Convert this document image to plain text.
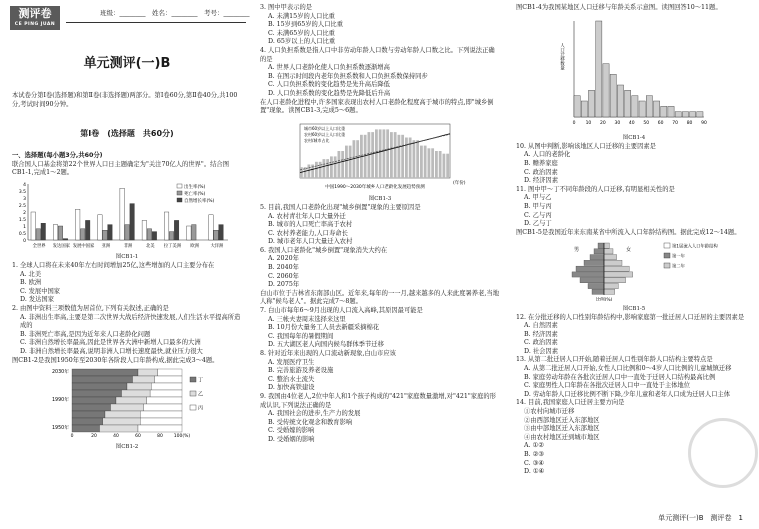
测评卷
CE PING JUAN
班级：________　姓名：________　考号：________
单元测评(一)B

本试卷分第Ⅰ卷(选择题)和第Ⅱ卷(非选择题)两部分。第Ⅰ卷60分,第Ⅱ卷40分,共100分,考试时间90分钟。

第Ⅰ卷　(选择题　共60分)

一、选择题(每小题3分,共60分)

联合国人口基金将第22个世界人口日主题确定为"关注70亿人的世界"。结合图CB1-1,完成1～2题。

0
0.5
1
1.5
2
2.5
3
3.5
4
全世界 发达国家 发展中国家 亚洲	非洲	北美 拉丁美洲 欧洲	大洋洲
出生率(%)
死亡率(%)
自然增长率(%)

图CB1-1

1. 全球人口将在未来40年左右时间增加25亿,这些增加的人口主要分布在

A. 北美

B. 欧洲

C. 发展中国家

D. 发达国家

2. 由图中资料三项数值为居首位,下列有关叙述,正确的是

A. 非洲出生率高,主要是第二次世界大战后经济快速发展,人们生活水平提高所造成的

B. 非洲死亡率高,是因为近年来人口老龄化问题

C. 非洲自然增长率最高,因此是世界各大洲中新增人口最多的大洲

D. 非洲自然增长率最高,说明非洲人口增长速度最快,就业压力很大

图CB1-2是我国1950年至2030年各阶段人口年龄构成,据此完成3～4题。

2030年
1990年
1950年
0	20	40	60	80 100(%)
丁
乙
丙

图CB1-2

3. 图中甲表示的是

A. 未满15岁的人口比重

B. 15岁到65岁的人口比重

C. 未满65岁的人口比重

D. 65岁以上的人口比重

4. 人口负担系数是指人口中非劳动年龄人口数与劳动年龄人口数之比。下列说法正确的是

A. 世界人口老龄化使人口负担系数逐渐增高

B. 在图示时间段内老年负担系数和人口负担系数保持同步

C. 人口负担系数的变化趋势是先升高后降低

D. 人口负担系数的变化趋势是先降低后升高

在人口老龄化进程中,许多国家表现出农村人口老龄化程度高于城市的特点,即"城乡倒置"现象。读图CB1-3,完成5～6题。

城市60岁以上人口比重
农村60岁以上人口比重
农村/城市占比
中国1990～2030年城乡人口老龄化发展趋势预测
(年份)

图CB1-3

5. 目前,我国人口老龄化出现"城乡倒置"现象的主要原因是

A. 农村青壮年人口大量外迁

B. 城市的人口死亡率高于农村

C. 农村养老能力,人口寿命长

D. 城市老年人口大量迁入农村

6. 我国人口老龄化"城乡倒置"现象消失大约在

A. 2020年

B. 2040年

C. 2060年

D. 2075年

白山市位于吉林省东南部山区。近年来,每年的一一月,越来越多的人来此度暑养老,当地人称"候鸟老人"。据此完成7～8题。

7. 白山市每年6～9月出现的人口流入高峰,其原因最可能是

A. 三帐夫妻周末选择来这里

B. 10月份大量务工人员去新疆采摘棉花

C. 我国每年的暑假期间

D. 五大湖区老人向国内候鸟群体季节迁移

8. 针对近年来出现的人口流动新现象,白山市应该

A. 发展医疗卫生

B. 完善旅游及养老设施

C. 整治水土流失

D. 加快高铁建设

9. 我国由4位老人,2位中年人和1个孩子构成的"421"家庭数量激增,对"421"家庭的形成认识,下列说法正确的是

A. 我国社会的进步,生产力的发展

B. 受传统文化观念和教育影响

C. 受婚嫁的影响

D. 受婚姻的影响

图CB1-4为我国某地区人口迁移与年龄关系示意图。读图回答10～11题。

0 10 20 30 40 50 60 70 80 90
人口迁移数量

图CB1-4

10. 从图中判断,影响该地区人口迁移的主要因素是

A. 人口的老龄化

B. 赡养家庭

C. 政治因素

D. 经济因素

11. 图中甲～丁不同年龄段的人口迁移,有明显相关性的是

A. 甲与乙

B. 甲与丙

C. 乙与丙

D. 乙与丁

图CB1-5是我国近年来东南某省中所流入人口年龄结构图。据此完成12～14题。

男	女
比例(%)
第1届流入人口年龄结构
第一年
第二年

图CB1-5

12. 在分批迁移的人口性别年龄结构中,影响家庭第一批迁居人口迁居的主要因素是

A. 自然因素

B. 经济因素

C. 政治因素

D. 社会因素

13. 从第二批迁居人口开始,随着迁居人口性别年龄人口结构主要特点是

A. 从第二批迁居人口开始,女性人口比例和0～4岁人口比例的儿童城镇迁移

B. 家庭劳动年龄在各批次迁居人口中一直处于迁居人口结构最高比例

C. 家庭男性人口年龄在各批次迁居人口中一直处于主体地位

D. 劳动年龄人口迁移比例不断下降,少年儿童和老年人口成为迁居人口主体

14. 目前,我国家庭人口迁居主要方向是

①农村向城市迁移

②由西部地区迁入东部地区

③由中部地区迁入东部地区

④由农村地区迁到城市地区

A. ①②

B. ②③

C. ③④

D. ①④

单元测评(一)B　测评卷　1
